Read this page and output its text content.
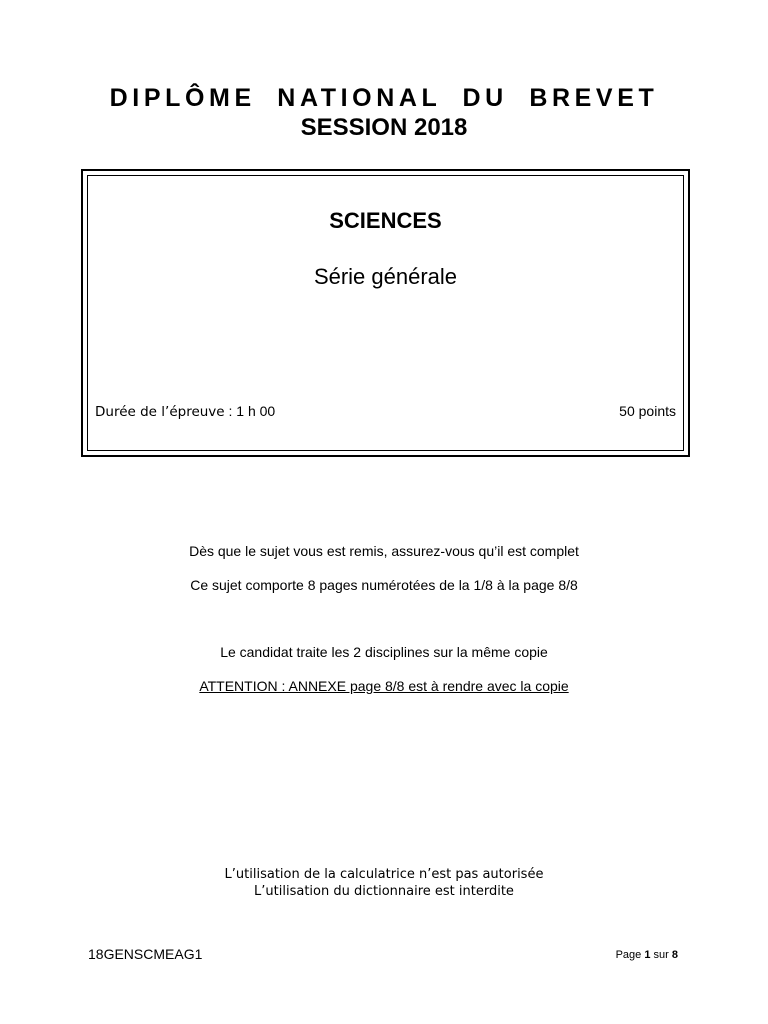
DIPLÔME NATIONAL DU BREVET
SESSION 2018
SCIENCES
Série générale
Durée de l’épreuve : 1 h 00	50 points
Dès que le sujet vous est remis, assurez-vous qu’il est complet
Ce sujet comporte 8 pages numérotées de la 1/8 à la page 8/8
Le candidat traite les 2 disciplines sur la même copie
ATTENTION : ANNEXE page 8/8 est à rendre avec la copie
L’utilisation de la calculatrice n’est pas autorisée
L’utilisation du dictionnaire est interdite
18GENSCMEAG1	Page 1 sur 8
